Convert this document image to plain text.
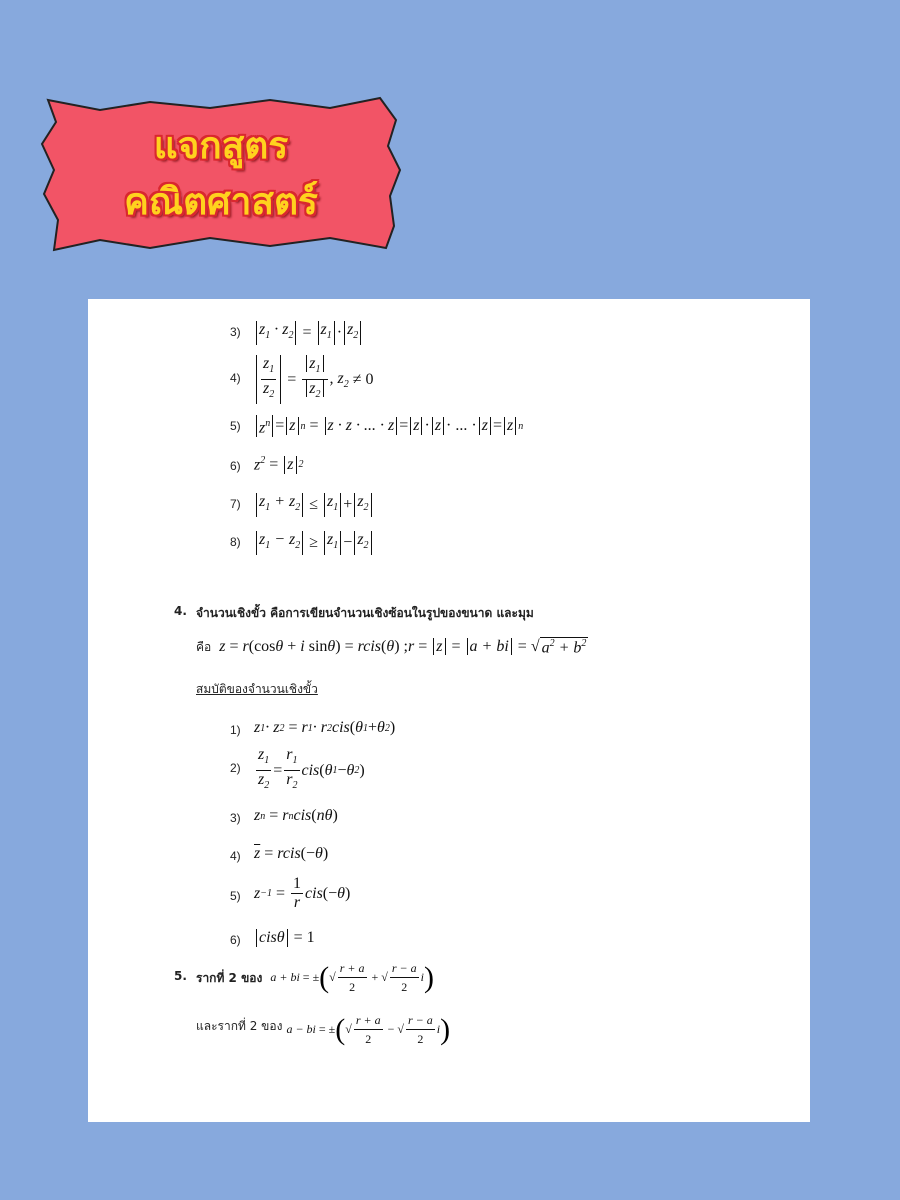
แจกสูตร
คณิตศาสตร์
3) $z_1 \cdot z_2 = z_1 \cdot z_2$
$4) \frac{z_1}{z_2} = \frac{z_1}{z_2}$ , $z_2 \ne 0$
5) $z^n = z$ n = z · z · ... · z = z · z · ... · z = z n
6) $z^2 = z$ 2
7) $z_1 + z_2 \le z_1 + z_2$
8) $z_1 - z_2 \ge z_1 - z_2$
4. จำนวนเชิงขั้ว คือการเขียนจำนวนเชิงซ้อนในรูปของขนาด และมุม
คือ z = r(cosθ + i sinθ) = rcis(θ) ;r = z = a + bi = √ $a^2 + b^2$
สมบัติของจำนวนเชิงขั้ว
1) z 1 · z 2 = r 1 · r 2 cis ( θ 1 + θ 2 )
$2) \frac{z_1}{z_2} = \frac{r_1}{r_2}$ cis ( θ 1 − θ 2 )
3) z n = r n cis ( nθ )
4) $\overline{z}$ = rcis (− θ )
5) $z -1 = \frac{1}{r}$ cis (− θ )
6) cisθ = 1
5. รากที่ 2 ของ a + bi = ± ( √ $\frac{r + a}{2}$ + √ $\frac{r - a}{2}$ i )
และรากที่ 2 ของ a − bi = ± ( √ $\frac{r + a}{2}$ − √ $\frac{r - a}{2}$ i )
